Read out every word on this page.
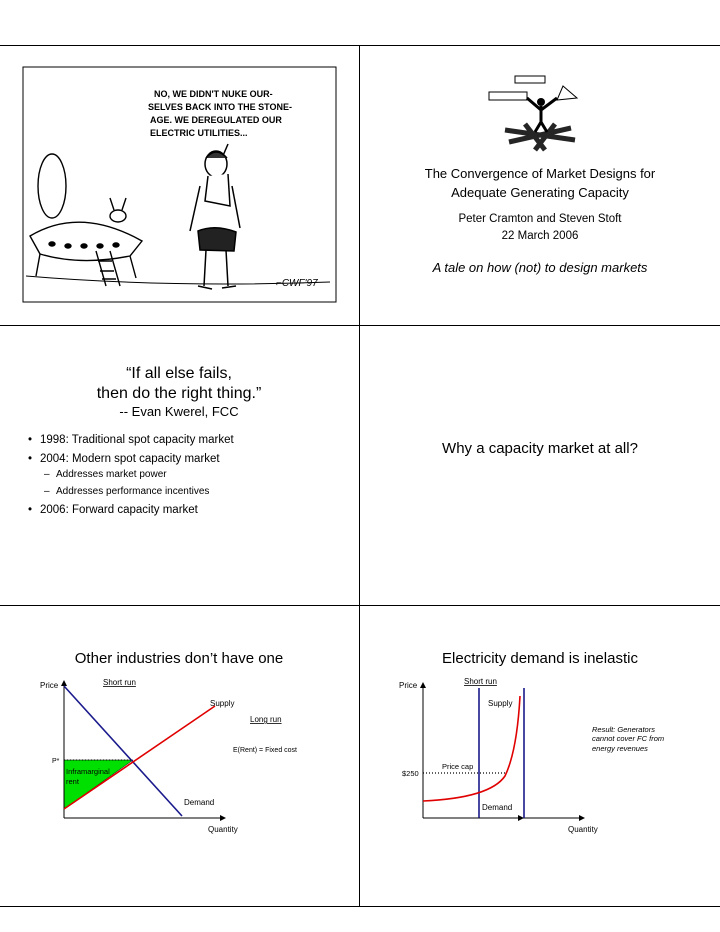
NO, WE DIDN'T NUKE OUR-
SELVES BACK INTO THE STONE-
AGE. WE DEREGULATED OUR
ELECTRIC UTILITIES...
⌐CWF'97
The Convergence of Market Designs for
Adequate Generating Capacity
Peter Cramton and Steven Stoft
22 March 2006
A tale on how (not) to design markets
“If all else fails,
then do the right thing.”
-- Evan Kwerel, FCC
• 1998: Traditional spot capacity market
• 2004: Modern spot capacity market
– Addresses market power
– Addresses performance incentives
• 2006: Forward capacity market
Why a capacity market at all?
Other industries don’t have one
Price
Quantity
Short run
Supply
Long run
E(Rent) = Fixed cost
P*
Inframarginal
rent
Demand
Electricity demand is inelastic
Price
Quantity
Short run
Supply
Result: Generators
cannot cover FC from
energy revenues
Price cap
$250
Demand
